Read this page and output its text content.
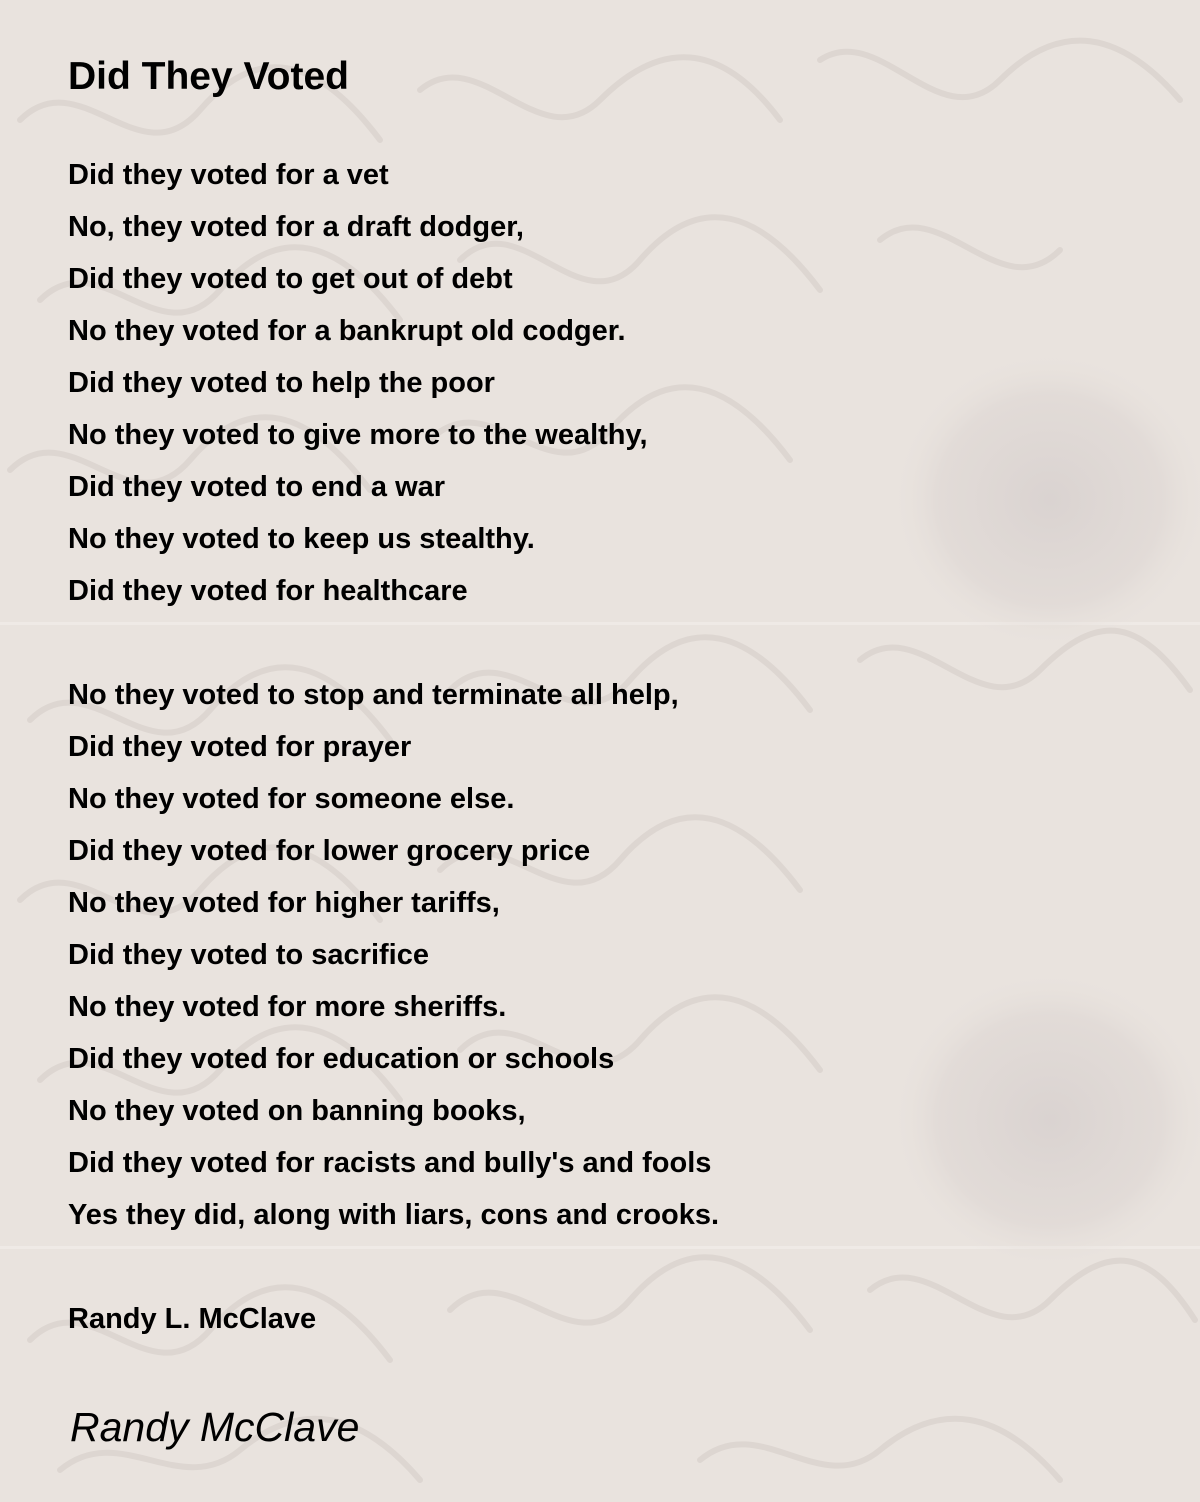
Did They Voted
Did they voted for a vet
No, they voted for a draft dodger,
Did they voted to get out of debt
No they voted for a bankrupt old codger.
Did they voted to help the poor
No they voted to give more to the wealthy,
Did they voted to end a war
No they voted to keep us stealthy.
Did they voted for healthcare
No they voted to stop and terminate all help,
Did they voted for prayer
No they voted for someone else.
Did they voted for lower grocery price
No they voted for higher tariffs,
Did they voted to sacrifice
No they voted for more sheriffs.
Did they voted for education or schools
No they voted on banning books,
Did they voted for racists and bully's and fools
Yes they did, along with liars, cons and crooks.
Randy L. McClave
Randy McClave
